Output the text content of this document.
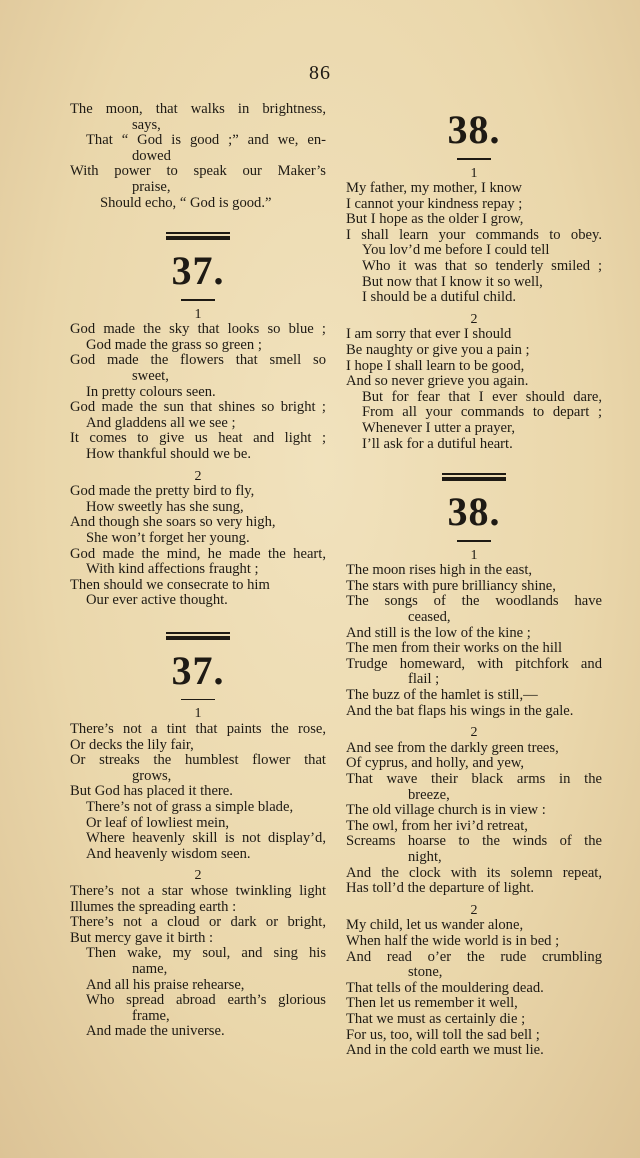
86
The moon, that walks in brightness,
says,
That “ God is good ;” and we, en-
dowed
With power to speak our Maker’s
praise,
Should echo, “ God is good.”
37.
1
God made the sky that looks so blue ;
God made the grass so green ;
God made the flowers that smell so
sweet,
In pretty colours seen.
God made the sun that shines so bright ;
And gladdens all we see ;
It comes to give us heat and light ;
How thankful should we be.
2
God made the pretty bird to fly,
How sweetly has she sung,
And though she soars so very high,
She won’t forget her young.
God made the mind, he made the heart,
With kind affections fraught ;
Then should we consecrate to him
Our ever active thought.
37.
1
There’s not a tint that paints the rose,
Or decks the lily fair,
Or streaks the humblest flower that
grows,
But God has placed it there.
There’s not of grass a simple blade,
Or leaf of lowliest mein,
Where heavenly skill is not display’d,
And heavenly wisdom seen.
2
There’s not a star whose twinkling light
Illumes the spreading earth :
There’s not a cloud or dark or bright,
But mercy gave it birth :
Then wake, my soul, and sing his
name,
And all his praise rehearse,
Who spread abroad earth’s glorious
frame,
And made the universe.
38.
1
My father, my mother, I know
I cannot your kindness repay ;
But I hope as the older I grow,
I shall learn your commands to obey.
You lov’d me before I could tell
Who it was that so tenderly smiled ;
But now that I know it so well,
I should be a dutiful child.
2
I am sorry that ever I should
Be naughty or give you a pain ;
I hope I shall learn to be good,
And so never grieve you again.
But for fear that I ever should dare,
From all your commands to depart ;
Whenever I utter a prayer,
I’ll ask for a dutiful heart.
38.
1
The moon rises high in the east,
The stars with pure brilliancy shine,
The songs of the woodlands have
ceased,
And still is the low of the kine ;
The men from their works on the hill
Trudge homeward, with pitchfork and
flail ;
The buzz of the hamlet is still,—
And the bat flaps his wings in the gale.
2
And see from the darkly green trees,
Of cyprus, and holly, and yew,
That wave their black arms in the
breeze,
The old village church is in view :
The owl, from her ivi’d retreat,
Screams hoarse to the winds of the
night,
And the clock with its solemn repeat,
Has toll’d the departure of light.
2
My child, let us wander alone,
When half the wide world is in bed ;
And read o’er the rude crumbling
stone,
That tells of the mouldering dead.
Then let us remember it well,
That we must as certainly die ;
For us, too, will toll the sad bell ;
And in the cold earth we must lie.
